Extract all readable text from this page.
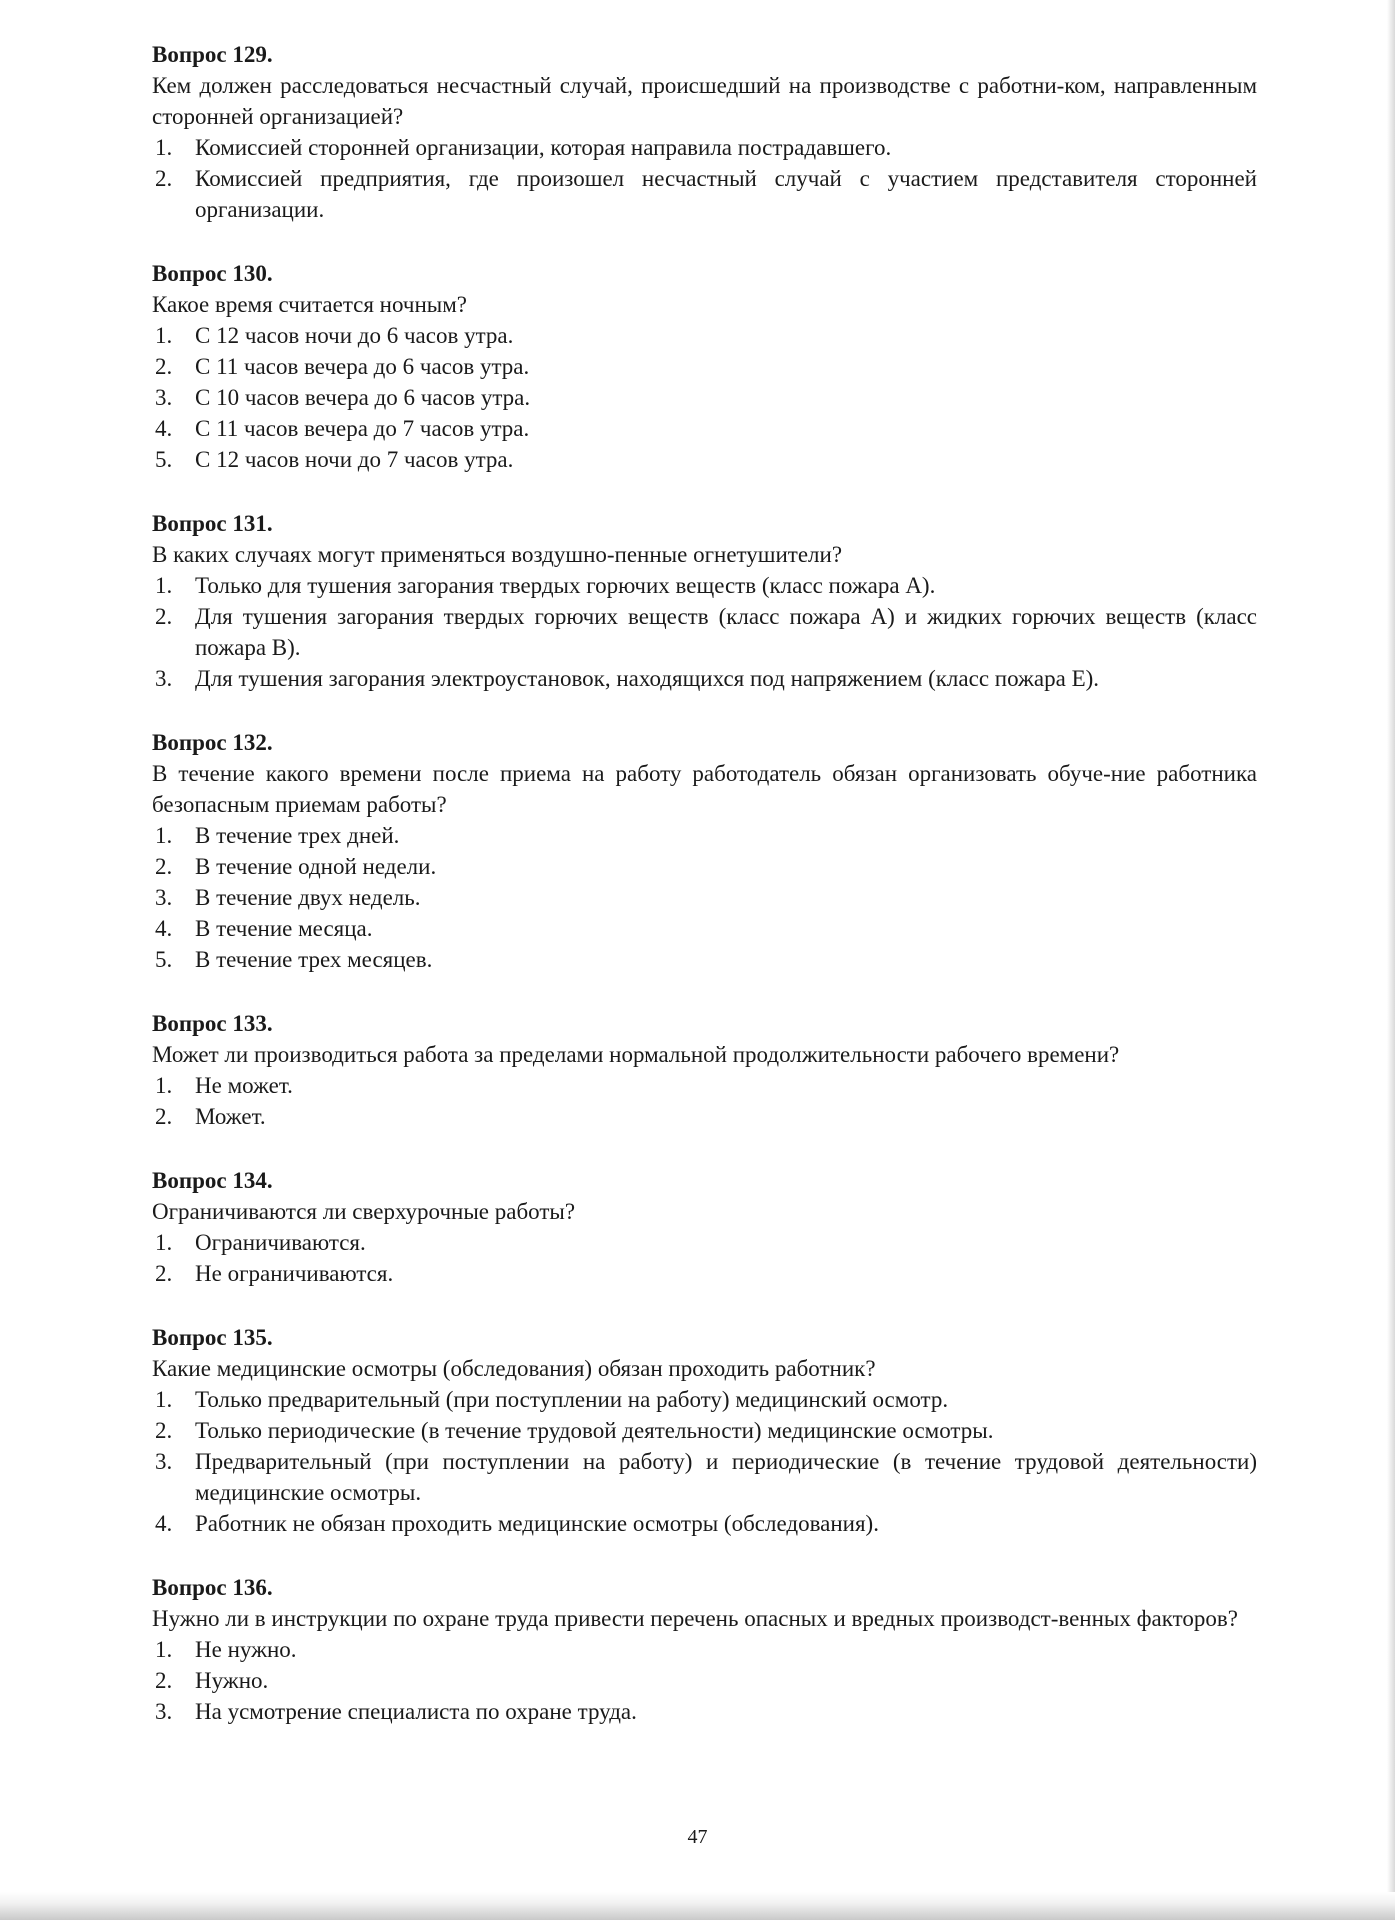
Вопрос 129.

Кем должен расследоваться несчастный случай, происшедший на производстве с работни-ком, направленным сторонней организацией?

1. Комиссией сторонней организации, которая направила пострадавшего.
2. Комиссией предприятия, где произошел несчастный случай с участием представителя сторонней организации.

Вопрос 130.

Какое время считается ночным?

1. С 12 часов ночи до 6 часов утра.
2. С 11 часов вечера до 6 часов утра.
3. С 10 часов вечера до 6 часов утра.
4. С 11 часов вечера до 7 часов утра.
5. С 12 часов ночи до 7 часов утра.

Вопрос 131.

В каких случаях могут применяться воздушно-пенные огнетушители?

1. Только для тушения загорания твердых горючих веществ (класс пожара А).
2. Для тушения загорания твердых горючих веществ (класс пожара А) и жидких горючих веществ (класс пожара В).
3. Для тушения загорания электроустановок, находящихся под напряжением (класс пожара Е).

Вопрос 132.

В течение какого времени после приема на работу работодатель обязан организовать обуче-ние работника безопасным приемам работы?

1. В течение трех дней.
2. В течение одной недели.
3. В течение двух недель.
4. В течение месяца.
5. В течение трех месяцев.

Вопрос 133.

Может ли производиться работа за пределами нормальной продолжительности рабочего времени?

1. Не может.
2. Может.

Вопрос 134.

Ограничиваются ли сверхурочные работы?

1. Ограничиваются.
2. Не ограничиваются.

Вопрос 135.

Какие медицинские осмотры (обследования) обязан проходить работник?

1. Только предварительный (при поступлении на работу) медицинский осмотр.
2. Только периодические (в течение трудовой деятельности) медицинские осмотры.
3. Предварительный (при поступлении на работу) и периодические (в течение трудовой деятельности) медицинские осмотры.
4. Работник не обязан проходить медицинские осмотры (обследования).

Вопрос 136.

Нужно ли в инструкции по охране труда привести перечень опасных и вредных производст-венных факторов?

1. Не нужно.
2. Нужно.
3. На усмотрение специалиста по охране труда.
47
